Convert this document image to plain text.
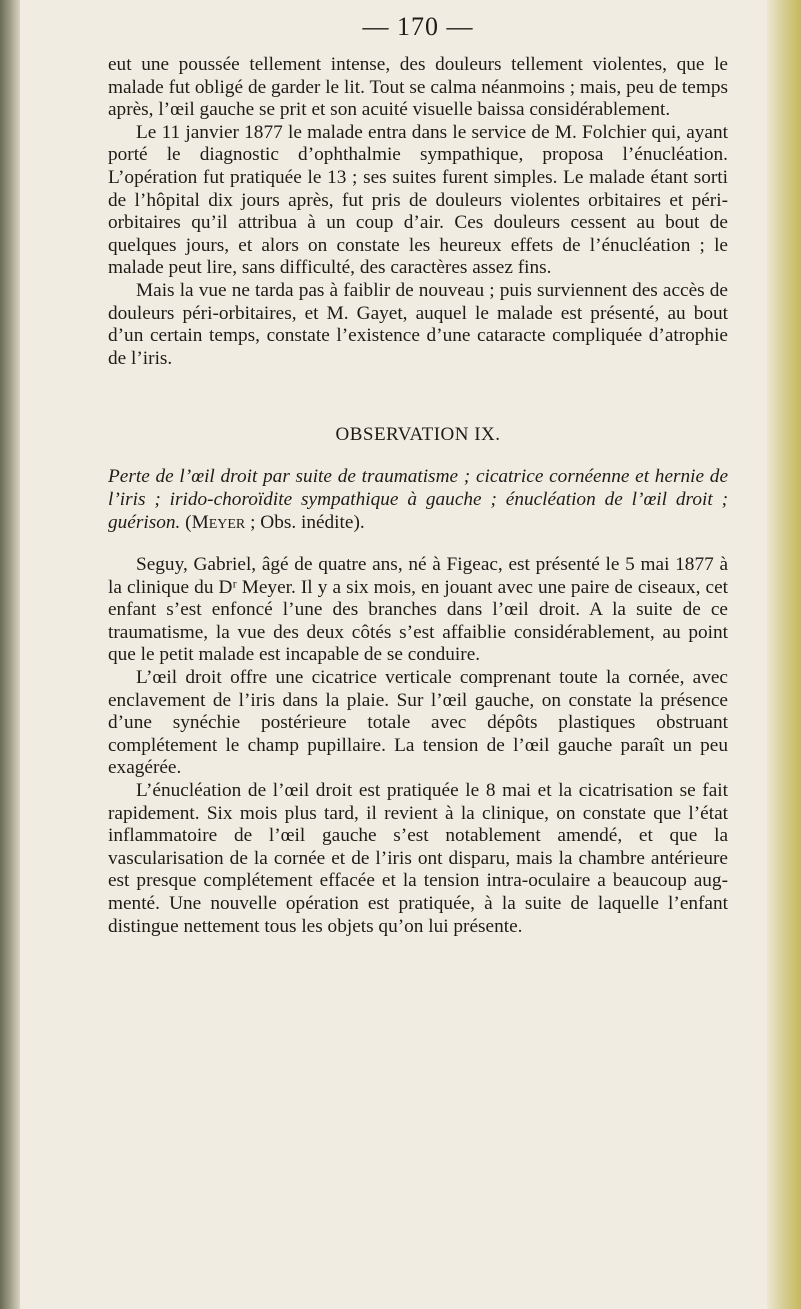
— 170 —

eut une poussée tellement intense, des douleurs tellement violentes, que le malade fut obligé de garder le lit. Tout se calma néanmoins ; mais, peu de temps après, l’œil gauche se prit et son acuité visuelle baissa considérablement.

Le 11 janvier 1877 le malade entra dans le service de M. Folchier qui, ayant porté le diagnostic d’ophthalmie sympathique, proposa l’énucléation. L’opération fut pratiquée le 13 ; ses suites furent simples. Le malade étant sorti de l’hôpital dix jours après, fut pris de douleurs violentes orbitaires et péri-orbitaires qu’il attribua à un coup d’air. Ces douleurs cessent au bout de quelques jours, et alors on constate les heureux effets de l’énucléation ; le malade peut lire, sans difficulté, des caractères assez fins.

Mais la vue ne tarda pas à faiblir de nouveau ; puis surviennent des accès de douleurs péri-orbitaires, et M. Gayet, auquel le malade est présenté, au bout d’un certain temps, constate l’existence d’une cataracte compliquée d’atrophie de l’iris.

OBSERVATION IX.

Perte de l’œil droit par suite de traumatisme ; cicatrice cornéenne et hernie de l’iris ; irido-choroïdite sympathique à gauche ; énucléation de l’œil droit ; guérison. (Meyer ; Obs. inédite).

Seguy, Gabriel, âgé de quatre ans, né à Figeac, est présenté le 5 mai 1877 à la clinique du Dʳ Meyer. Il y a six mois, en jouant avec une paire de ciseaux, cet enfant s’est enfoncé l’une des branches dans l’œil droit. A la suite de ce traumatisme, la vue des deux côtés s’est affaiblie considérablement, au point que le petit malade est incapable de se conduire.

L’œil droit offre une cicatrice verticale comprenant toute la cornée, avec enclavement de l’iris dans la plaie. Sur l’œil gauche, on constate la présence d’une synéchie postérieure totale avec dépôts plastiques obstruant complétement le champ pupillaire. La tension de l’œil gauche paraît un peu exagérée.

L’énucléation de l’œil droit est pratiquée le 8 mai et la cicatrisation se fait rapidement. Six mois plus tard, il revient à la clinique, on constate que l’état inflammatoire de l’œil gauche s’est notablement amendé, et que la vascularisation de la cornée et de l’iris ont disparu, mais la chambre antérieure est presque complétement effacée et la tension intra-oculaire a beaucoup augmenté. Une nouvelle opération est pratiquée, à la suite de laquelle l’enfant distingue nettement tous les objets qu’on lui présente.
